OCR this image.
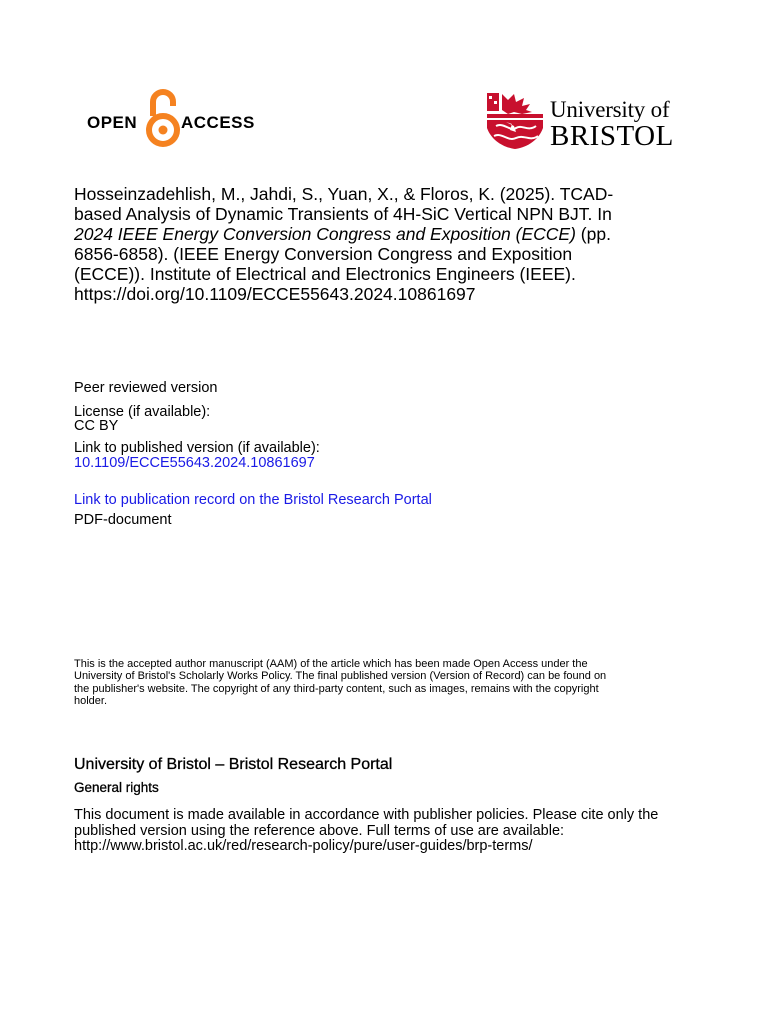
OPEN	ACCESS
University of
BRISTOL
Hosseinzadehlish, M., Jahdi, S., Yuan, X., & Floros, K. (2025). TCAD-
based Analysis of Dynamic Transients of 4H-SiC Vertical NPN BJT. In
2024 IEEE Energy Conversion Congress and Exposition (ECCE) (pp.
6856-6858). (IEEE Energy Conversion Congress and Exposition
(ECCE)). Institute of Electrical and Electronics Engineers (IEEE).
https://doi.org/10.1109/ECCE55643.2024.10861697
Peer reviewed version
License (if available):
CC BY
Link to published version (if available):
10.1109/ECCE55643.2024.10861697
Link to publication record on the Bristol Research Portal
PDF-document
This is the accepted author manuscript (AAM) of the article which has been made Open Access under the
University of Bristol's Scholarly Works Policy. The final published version (Version of Record) can be found on
the publisher's website. The copyright of any third-party content, such as images, remains with the copyright
holder.
University of Bristol – Bristol Research Portal
General rights
This document is made available in accordance with publisher policies. Please cite only the
published version using the reference above. Full terms of use are available:
http://www.bristol.ac.uk/red/research-policy/pure/user-guides/brp-terms/
